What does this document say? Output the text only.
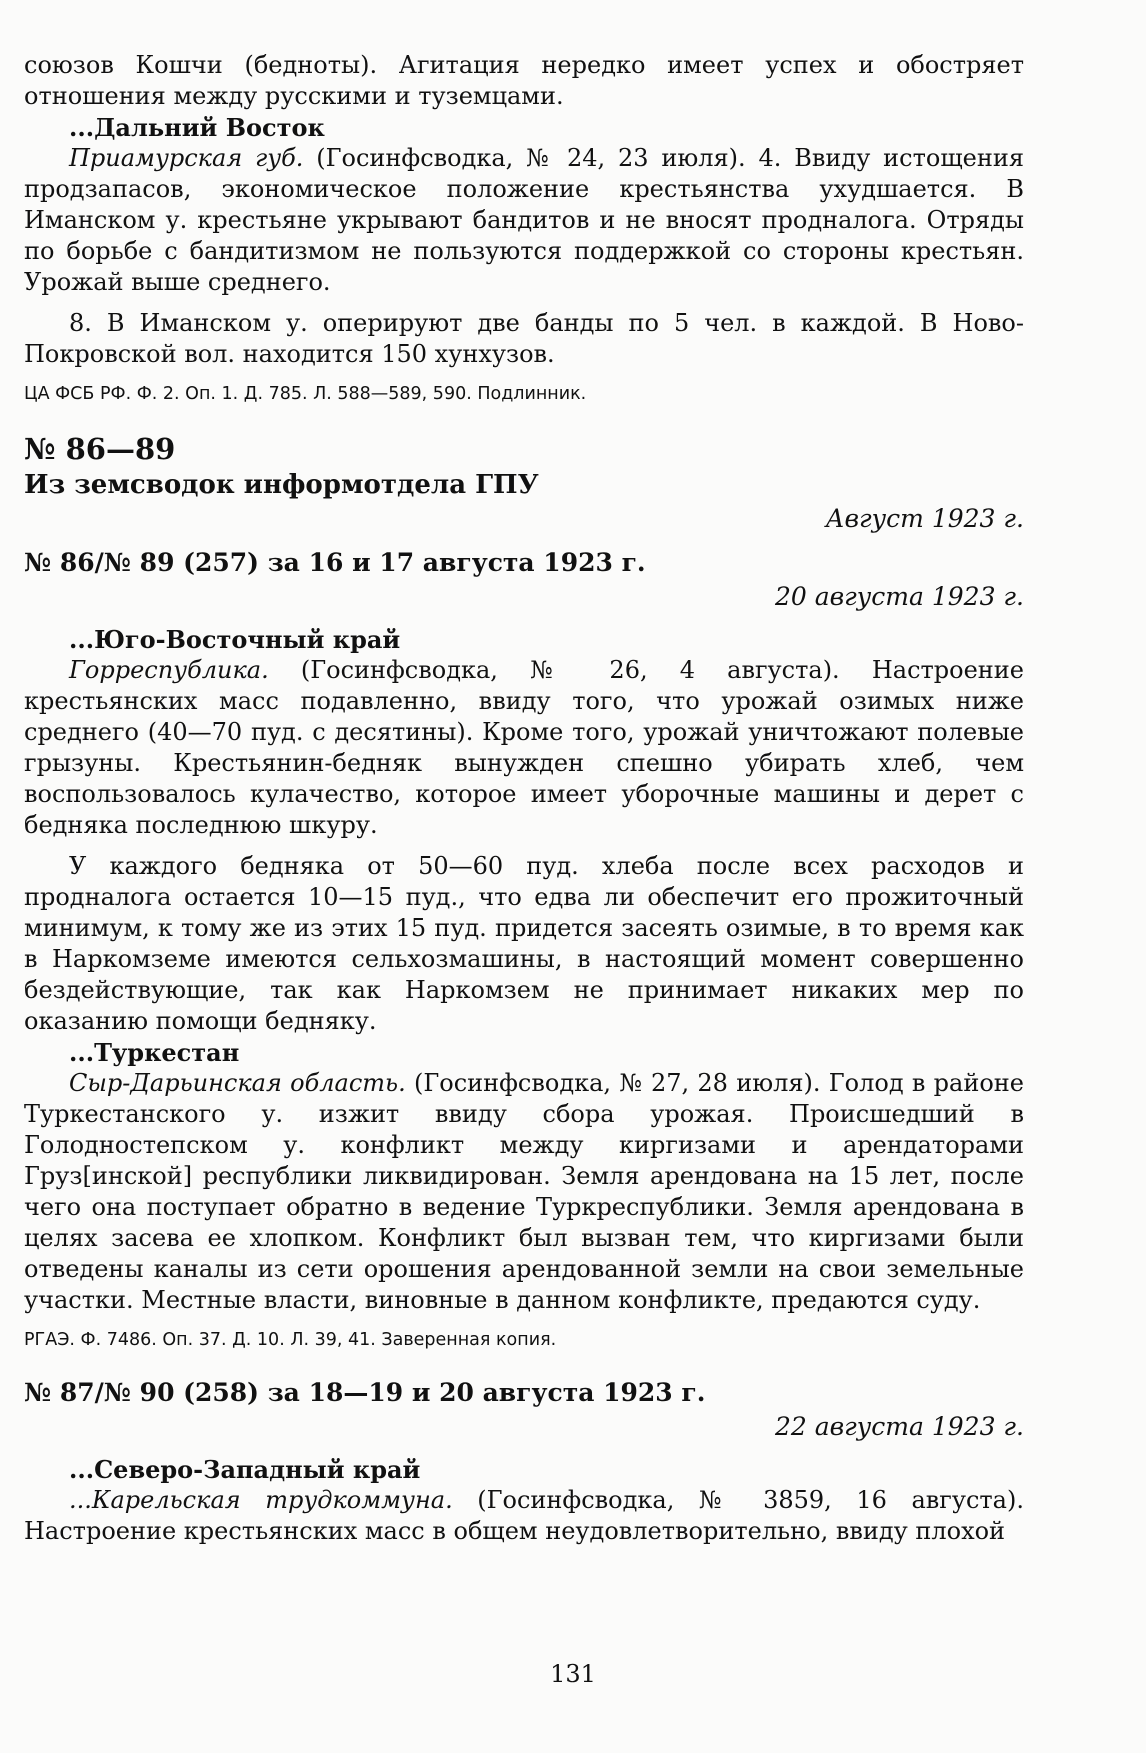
союзов Кошчи (бедноты). Агитация нередко имеет успех и обостряет отношения между русскими и туземцами.

...Дальний Восток

Приамурская губ. (Госинфсводка, № 24, 23 июля). 4. Ввиду истощения продзапасов, экономическое положение крестьянства ухудшается. В Иманском у. крестьяне укрывают бандитов и не вносят продналога. Отряды по борьбе с бандитизмом не пользуются поддержкой со стороны крестьян. Урожай выше среднего.

8. В Иманском у. оперируют две банды по 5 чел. в каждой. В Ново-Покровской вол. находится 150 хунхузов.

ЦА ФСБ РФ. Ф. 2. Оп. 1. Д. 785. Л. 588—589, 590. Подлинник.

№ 86—89
Из земсводок информотдела ГПУ
Август 1923 г.
№ 86/№ 89 (257) за 16 и 17 августа 1923 г.
20 августа 1923 г.
...Юго-Восточный край

Горреспублика. (Госинфсводка, № 26, 4 августа). Настроение крестьянских масс подавленно, ввиду того, что урожай озимых ниже среднего (40—70 пуд. с десятины). Кроме того, урожай уничтожают полевые грызуны. Крестьянин-бедняк вынужден спешно убирать хлеб, чем воспользовалось кулачество, которое имеет уборочные машины и дерет с бедняка последнюю шкуру.

У каждого бедняка от 50—60 пуд. хлеба после всех расходов и продналога остается 10—15 пуд., что едва ли обеспечит его прожиточный минимум, к тому же из этих 15 пуд. придется засеять озимые, в то время как в Наркомземе имеются сельхозмашины, в настоящий момент совершенно бездействующие, так как Наркомзем не принимает никаких мер по оказанию помощи бедняку.

...Туркестан

Сыр-Дарьинская область. (Госинфсводка, № 27, 28 июля). Голод в районе Туркестанского у. изжит ввиду сбора урожая. Происшедший в Голодностепском у. конфликт между киргизами и арендаторами Груз[инской] республики ликвидирован. Земля арендована на 15 лет, после чего она поступает обратно в ведение Туркреспублики. Земля арендована в целях засева ее хлопком. Конфликт был вызван тем, что киргизами были отведены каналы из сети орошения арендованной земли на свои земельные участки. Местные власти, виновные в данном конфликте, предаются суду.

РГАЭ. Ф. 7486. Оп. 37. Д. 10. Л. 39, 41. Заверенная копия.

№ 87/№ 90 (258) за 18—19 и 20 августа 1923 г.
22 августа 1923 г.
...Северо-Западный край

...Карельская трудкоммуна. (Госинфсводка, № 3859, 16 августа). Настроение крестьянских масс в общем неудовлетворительно, ввиду плохой

131
